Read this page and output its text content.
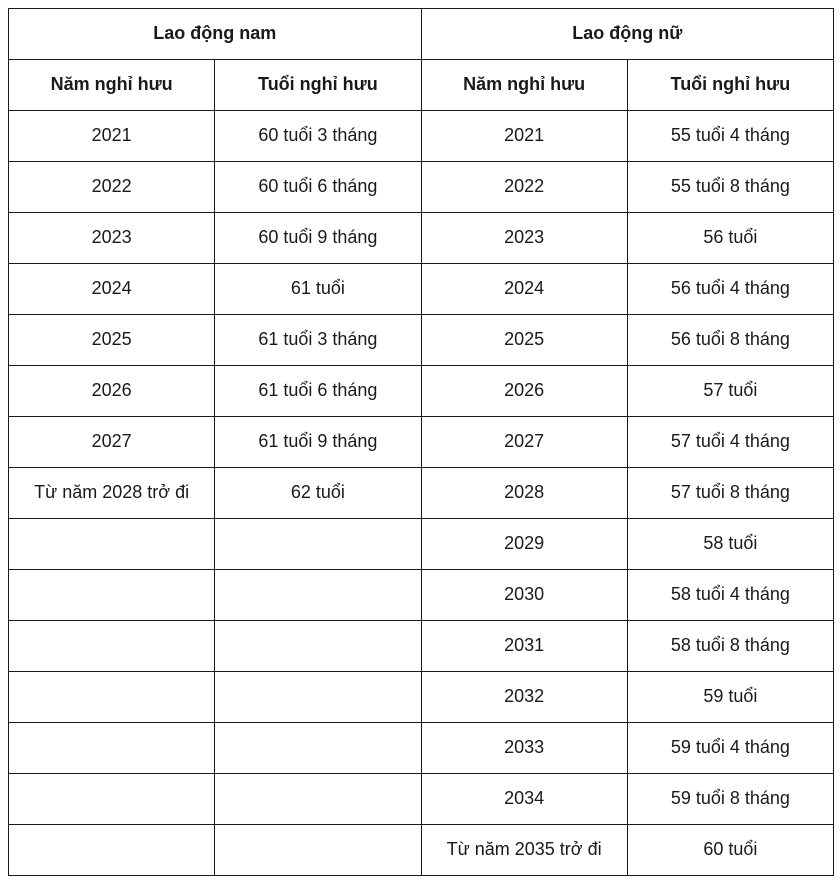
Lao động nam		Lao động nữ	
Năm nghỉ hưu	Tuổi nghỉ hưu	Năm nghỉ hưu	Tuổi nghỉ hưu
2021	60 tuổi 3 tháng	2021	55 tuổi 4 tháng
2022	60 tuổi 6 tháng	2022	55 tuổi 8 tháng
2023	60 tuổi 9 tháng	2023	56 tuổi
2024	61 tuổi	2024	56 tuổi 4 tháng
2025	61 tuổi 3 tháng	2025	56 tuổi 8 tháng
2026	61 tuổi 6 tháng	2026	57 tuổi
2027	61 tuổi 9 tháng	2027	57 tuổi 4 tháng
Từ năm 2028 trở đi	62 tuổi	2028	57 tuổi 8 tháng
		2029	58 tuổi
		2030	58 tuổi 4 tháng
		2031	58 tuổi 8 tháng
		2032	59 tuổi
		2033	59 tuổi 4 tháng
		2034	59 tuổi 8 tháng
		Từ năm 2035 trở đi	60 tuổi
